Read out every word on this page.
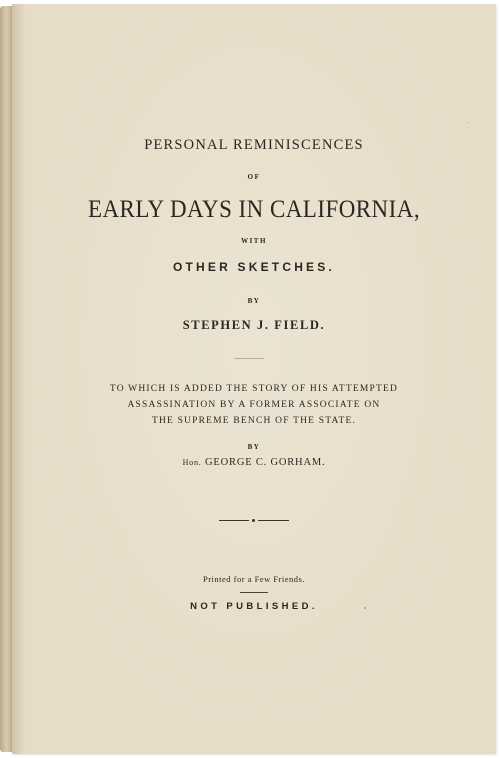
PERSONAL REMINISCENCES
OF
EARLY DAYS IN CALIFORNIA,
WITH
OTHER SKETCHES.
BY
STEPHEN J. FIELD.
TO WHICH IS ADDED THE STORY OF HIS ATTEMPTED
ASSASSINATION BY A FORMER ASSOCIATE ON
THE SUPREME BENCH OF THE STATE.
BY
Hon. GEORGE C. GORHAM.
Printed for a Few Friends.
NOT PUBLISHED.
